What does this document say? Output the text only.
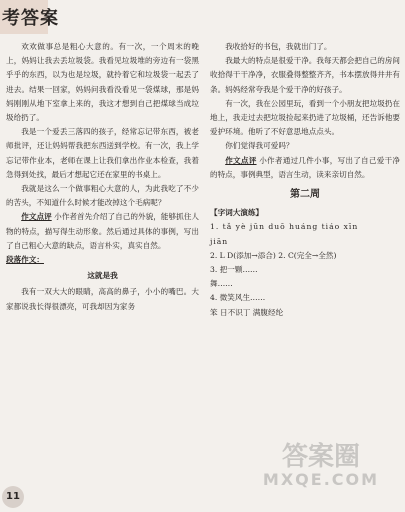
考答案

欢欢做事总是粗心大意的。有一次，一个周末的晚上，妈妈让我去丢垃圾袋。我看见垃圾堆的旁边有一袋黑乎乎的东西，以为也是垃圾，就拎着它和垃圾袋一起丢了进去。结果一回家，妈妈问我看没看见一袋煤球，那是妈妈刚刚从地下室拿上来的，我这才想到自己把煤球当成垃圾给扔了。

我是一个爱丢三落四的孩子，经常忘记带东西，被老师批评，还让妈妈帮我把东西送到学校。有一次，我上学忘记带作业本，老师在课上让我们拿出作业本检查，我着急得到处找，最后才想起它还在家里的书桌上。

我就是这么一个做事粗心大意的人，为此我吃了不少的苦头，不知道什么时候才能改掉这个毛病呢？

作文点评 小作者首先介绍了自己的外貌，能够抓住人物的特点，描写得生动形象。然后通过具体的事例，写出了自己粗心大意的缺点，语言朴实，真实自然。

段落作文：
这就是我

我有一双大大的眼睛，高高的鼻子，小小的嘴巴。大家都说我长得很漂亮，可我却因为家务

我收拾好的书包，我就出门了。

我最大的特点是很爱干净。我每天都会把自己的房间收拾得干干净净，衣服叠得整整齐齐，书本摆放得井井有条。妈妈经常夸我是个爱干净的好孩子。

有一次，我在公园里玩，看到一个小朋友把垃圾扔在地上，我走过去把垃圾捡起来扔进了垃圾桶，还告诉他要爱护环境。他听了不好意思地点点头。

你们觉得我可爱吗？

作文点评 小作者通过几件小事，写出了自己爱干净的特点，事例典型，语言生动，读来亲切自然。

第二周
【字词大演练】
1. tǎ yè jūn duō huáng tiáo xīn
jiān
2. L D(添加→添合) 2. C(完全→全然)
3. 把一颗……
舞……
4. 微笑风生……
笨 日不识丁 满腹经纶
11
答案圈
MXQE.COM
